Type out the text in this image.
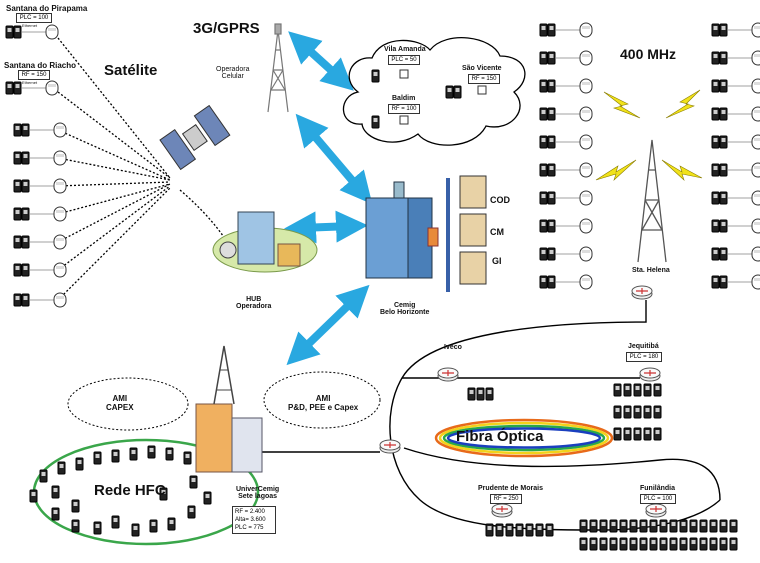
Santana do Pirapama
PLC = 100
Ethernet
Santana do Riacho
RF = 150
Ethernet
Satélite
3G/GPRS
Operadora
Celular
Vila Amanda
PLC = 50
São Vicente
RF = 150
Baldim
RF = 100
HUB
Operadora	Cemig
Belo Horizonte
COD
CM
GI
400 MHz
Sta. Helena
AMI
CAPEX
AMI
P&D, PEE e Capex
Rede HFC	UniverCemig
Sete lagoas
RF = 2.400
Alta= 3.600
PLC = 775
Fibra Óptica
Iveco	Jequitibá
PLC = 180
Prudente de Morais
RF = 250
Funilândia
PLC = 100
